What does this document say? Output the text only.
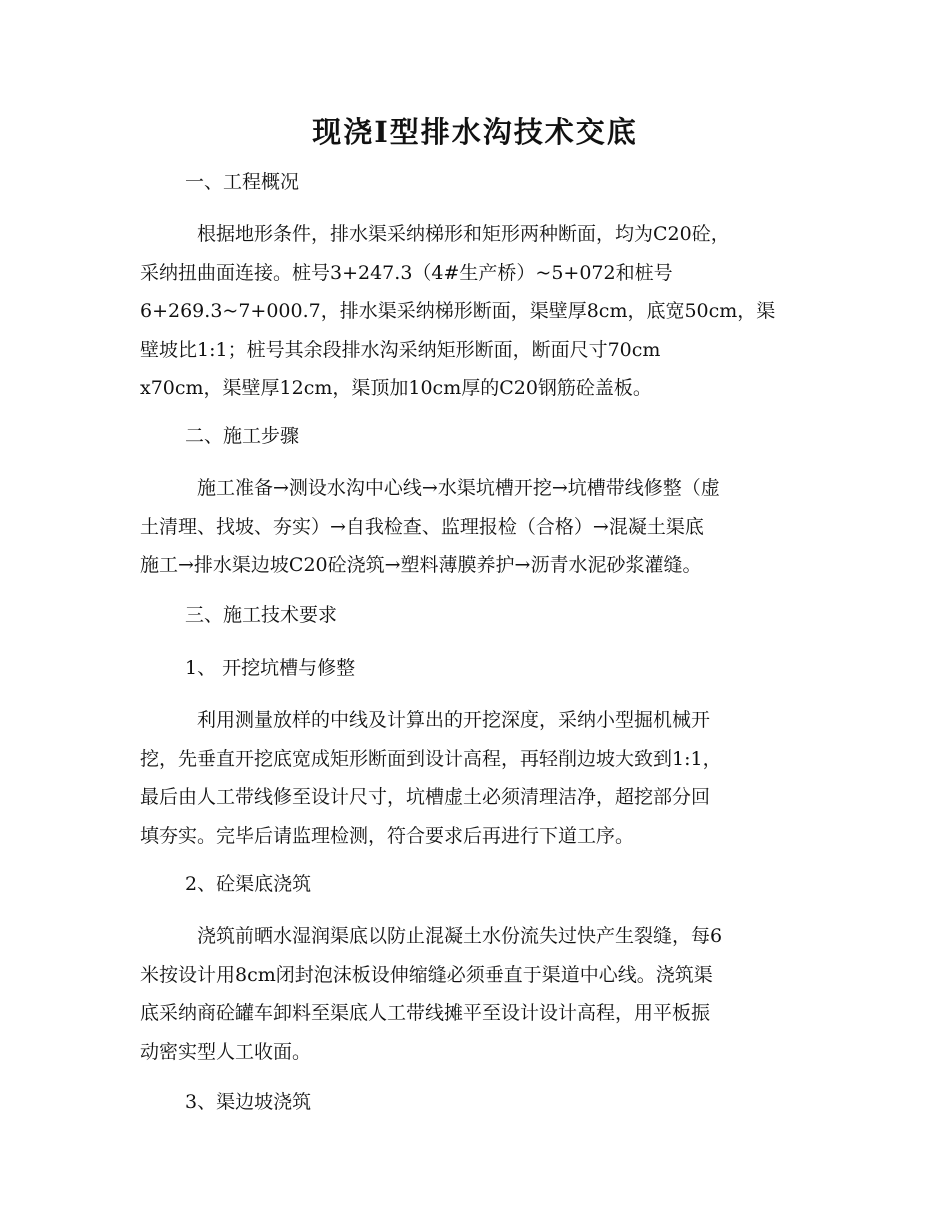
现浇Ⅰ型排水沟技术交底

一、工程概况

根据地形条件，排水渠采纳梯形和矩形两种断面，均为C20砼，
采纳扭曲面连接。桩号3+247.3（4#生产桥）~5+072和桩号
6+269.3~7+000.7，排水渠采纳梯形断面，渠壁厚8cm，底宽50cm，渠
壁坡比1:1；桩号其余段排水沟采纳矩形断面，断面尺寸70cm
x70cm，渠壁厚12cm，渠顶加10cm厚的C20钢筋砼盖板。

二、施工步骤

施工准备→测设水沟中心线→水渠坑槽开挖→坑槽带线修整（虚
土清理、找坡、夯实）→自我检查、监理报检（合格）→混凝土渠底
施工→排水渠边坡C20砼浇筑→塑料薄膜养护→沥青水泥砂浆灌缝。

三、施工技术要求

1、 开挖坑槽与修整

利用测量放样的中线及计算出的开挖深度，采纳小型掘机械开
挖，先垂直开挖底宽成矩形断面到设计高程，再轻削边坡大致到1:1，
最后由人工带线修至设计尺寸，坑槽虚土必须清理洁净，超挖部分回
填夯实。完毕后请监理检测，符合要求后再进行下道工序。

2、砼渠底浇筑

浇筑前晒水湿润渠底以防止混凝土水份流失过快产生裂缝，每6
米按设计用8cm闭封泡沫板设伸缩缝必须垂直于渠道中心线。浇筑渠
底采纳商砼罐车卸料至渠底人工带线摊平至设计设计高程，用平板振
动密实型人工收面。

3、渠边坡浇筑
